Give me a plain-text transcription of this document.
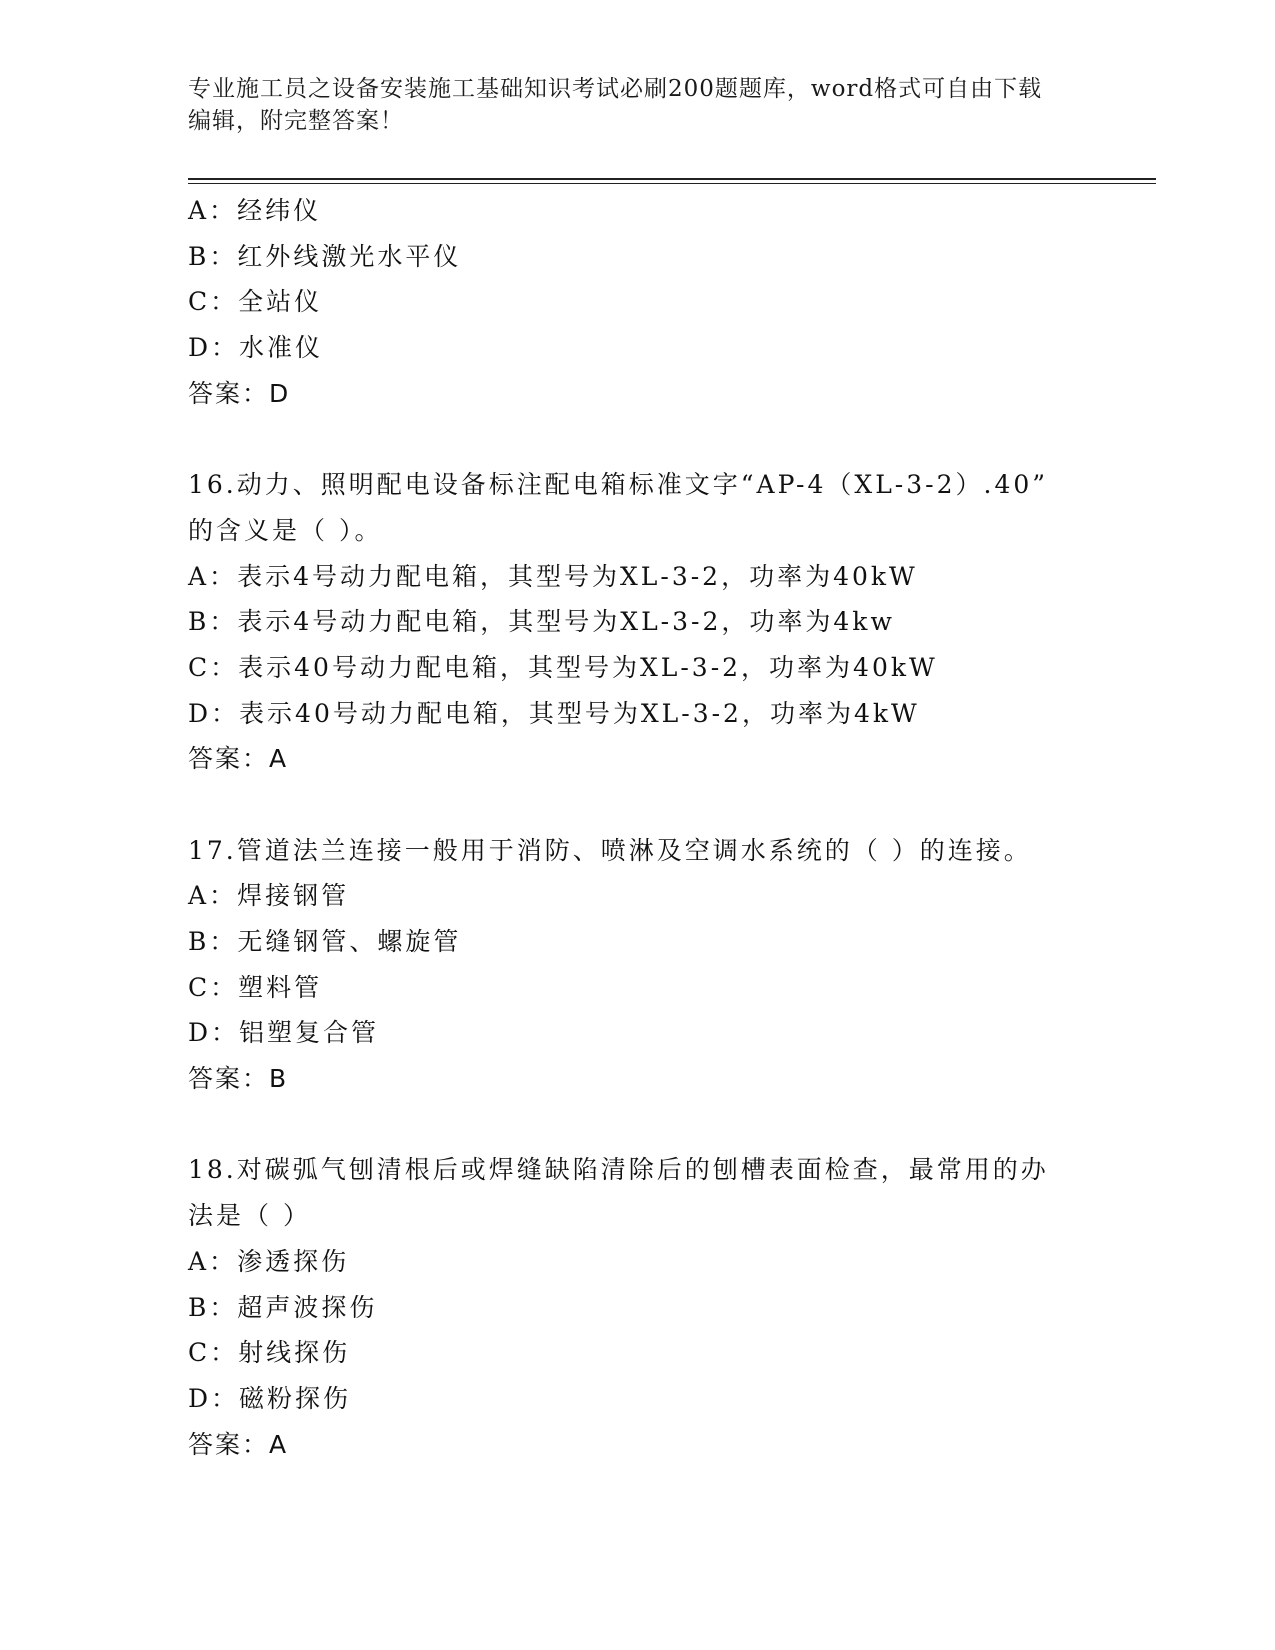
专业施工员之设备安装施工基础知识考试必刷200题题库，word格式可自由下载
编辑，附完整答案！
A：经纬仪
B：红外线激光水平仪
C：全站仪
D：水准仪
答案：D
16.动力、照明配电设备标注配电箱标准文字“AP-4（XL-3-2）.40”
的含义是（ ）。
A：表示4号动力配电箱，其型号为XL-3-2，功率为40kW
B：表示4号动力配电箱，其型号为XL-3-2，功率为4kw
C：表示40号动力配电箱，其型号为XL-3-2，功率为40kW
D：表示40号动力配电箱，其型号为XL-3-2，功率为4kW
答案：A
17.管道法兰连接一般用于消防、喷淋及空调水系统的（ ）的连接。
A：焊接钢管
B：无缝钢管、螺旋管
C：塑料管
D：铝塑复合管
答案：B
18.对碳弧气刨清根后或焊缝缺陷清除后的刨槽表面检查，最常用的办
法是（ ）
A：渗透探伤
B：超声波探伤
C：射线探伤
D：磁粉探伤
答案：A
